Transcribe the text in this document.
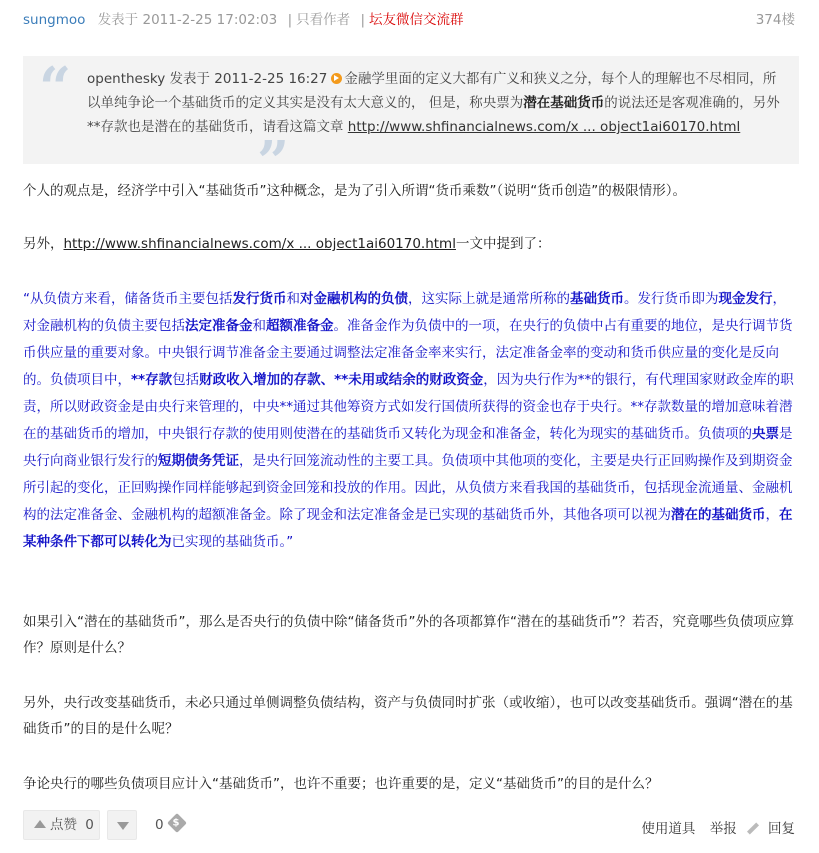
sungmoo 发表于 2011-2-25 17:02:03 | 只看作者 | 坛友微信交流群	374楼
“ openthesky 发表于 2011-2-25 16:27 金融学里面的定义大都有广义和狭义之分，每个人的理解也不尽相同，所以单纯争论一个基础货币的定义其实是没有太大意义的， 但是，称央票为潜在基础货币的说法还是客观准确的，另外**存款也是潜在的基础货币，请看这篇文章 http://www.shfinancialnews.com/x ... object1ai60170.html
”
个人的观点是，经济学中引入“基础货币”这种概念，是为了引入所谓“货币乘数”（说明“货币创造”的极限情形）。
另外，http://www.shfinancialnews.com/x ... object1ai60170.html一文中提到了：
“从负债方来看，储备货币主要包括发行货币和对金融机构的负债，这实际上就是通常所称的基础货币。发行货币即为现金发行，对金融机构的负债主要包括法定准备金和超额准备金。准备金作为负债中的一项，在央行的负债中占有重要的地位，是央行调节货币供应量的重要对象。中央银行调节准备金主要通过调整法定准备金率来实行，法定准备金率的变动和货币供应量的变化是反向的。负债项目中，**存款包括财政收入增加的存款、**未用或结余的财政资金，因为央行作为**的银行，有代理国家财政金库的职责，所以财政资金是由央行来管理的，中央**通过其他筹资方式如发行国债所获得的资金也存于央行。**存款数量的增加意味着潜在的基础货币的增加，中央银行存款的使用则使潜在的基础货币又转化为现金和准备金，转化为现实的基础货币。负债项的央票是央行向商业银行发行的短期债务凭证，是央行回笼流动性的主要工具。负债项中其他项的变化，主要是央行正回购操作及到期资金所引起的变化，正回购操作同样能够起到资金回笼和投放的作用。因此，从负债方来看我国的基础货币，包括现金流通量、金融机构的法定准备金、金融机构的超额准备金。除了现金和法定准备金是已实现的基础货币外，其他各项可以视为潜在的基础货币，在某种条件下都可以转化为已实现的基础货币。”
如果引入“潜在的基础货币”，那么是否央行的负债中除“储备货币”外的各项都算作“潜在的基础货币”？若否，究竟哪些负债项应算作？原则是什么？
另外，央行改变基础货币，未必只通过单侧调整负债结构，资产与负债同时扩张（或收缩），也可以改变基础货币。强调“潜在的基础货币”的目的是什么呢？
争论央行的哪些负债项目应计入“基础货币”，也许不重要；也许重要的是，定义“基础货币”的目的是什么？
点赞 0	0$	使用道具 举报 回复
